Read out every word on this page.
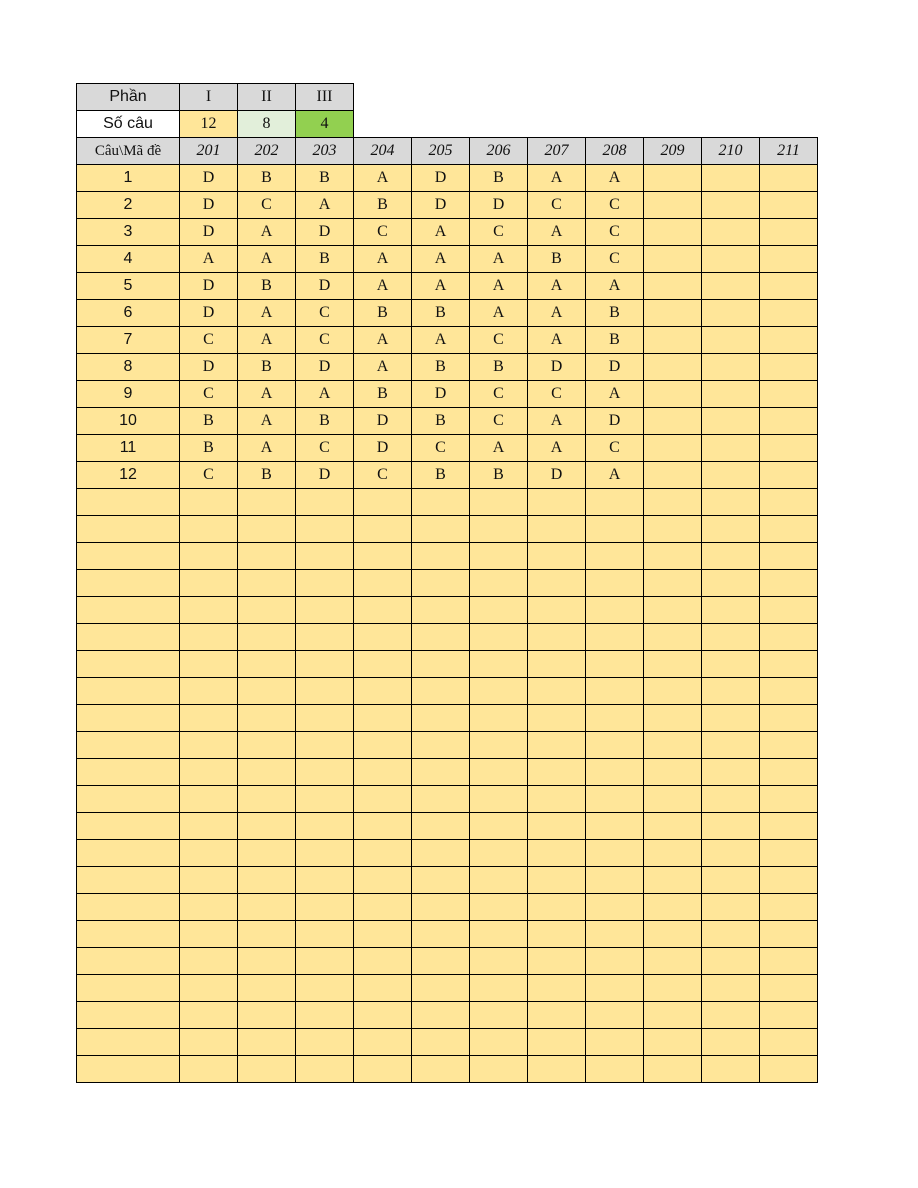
Phần	I	II	III								
Số câu	12	8	4								
Câu\Mã đề	201	202	203	204	205	206	207	208	209	210	211
1	D	B	B	A	D	B	A	A			
2	D	C	A	B	D	D	C	C			
3	D	A	D	C	A	C	A	C			
4	A	A	B	A	A	A	B	C			
5	D	B	D	A	A	A	A	A			
6	D	A	C	B	B	A	A	B			
7	C	A	C	A	A	C	A	B			
8	D	B	D	A	B	B	D	D			
9	C	A	A	B	D	C	C	A			
10	B	A	B	D	B	C	A	D			
11	B	A	C	D	C	A	A	C			
12	C	B	D	C	B	B	D	A			
